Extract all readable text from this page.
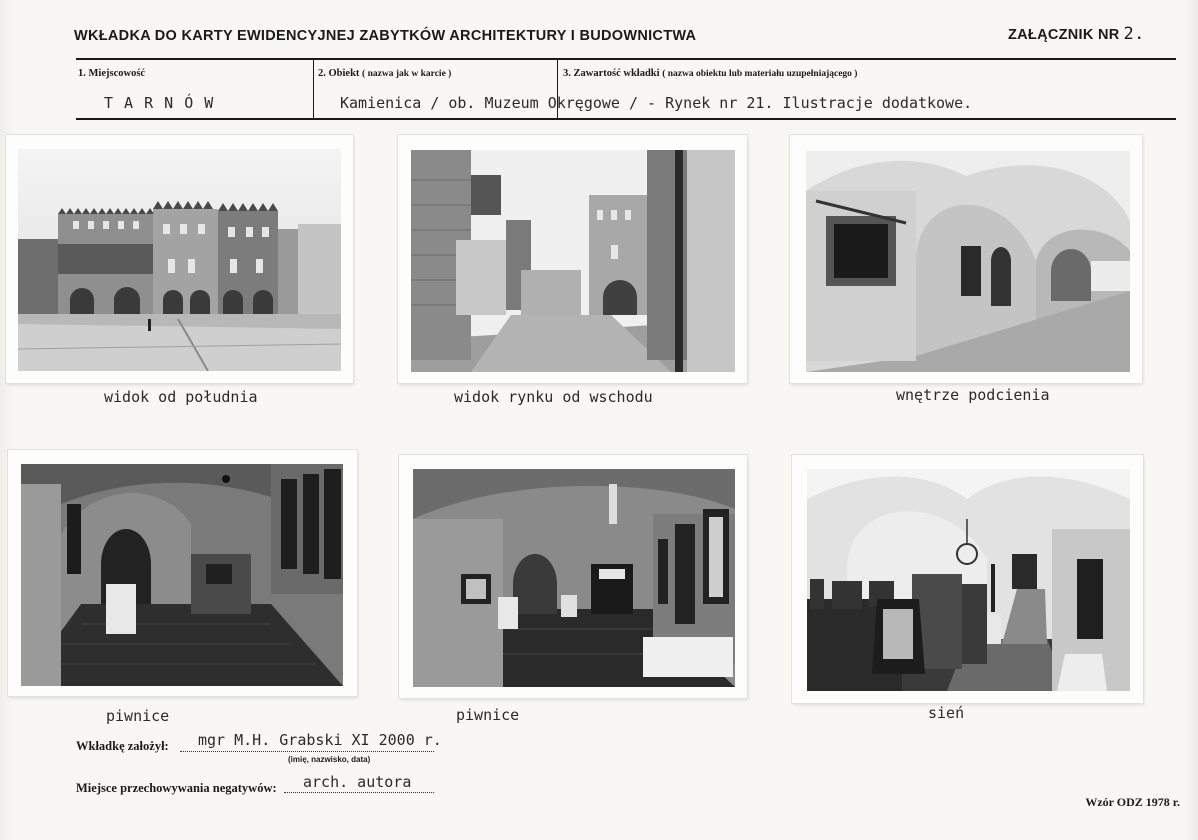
WKŁADKA DO KARTY EWIDENCYJNEJ ZABYTKÓW ARCHITEKTURY I BUDOWNICTWA	ZAŁĄCZNIK NR 2.
1. Miejscowość	2. Obiekt ( nazwa jak w karcie )	3. Zawartość wkładki ( nazwa obiektu lub materiału uzupełniającego )
T A R N Ó W	Kamienica / ob. Muzeum Okręgowe / - Rynek nr 21. Ilustracje dodatkowe.
widok od południa	widok rynku od wschodu	wnętrze podcienia
piwnice	piwnice	sień
Wkładkę założył: mgr M.H. Grabski XI 2000 r.
(imię, nazwisko, data)
Miejsce przechowywania negatywów: arch. autora
Wzór ODZ 1978 r.
